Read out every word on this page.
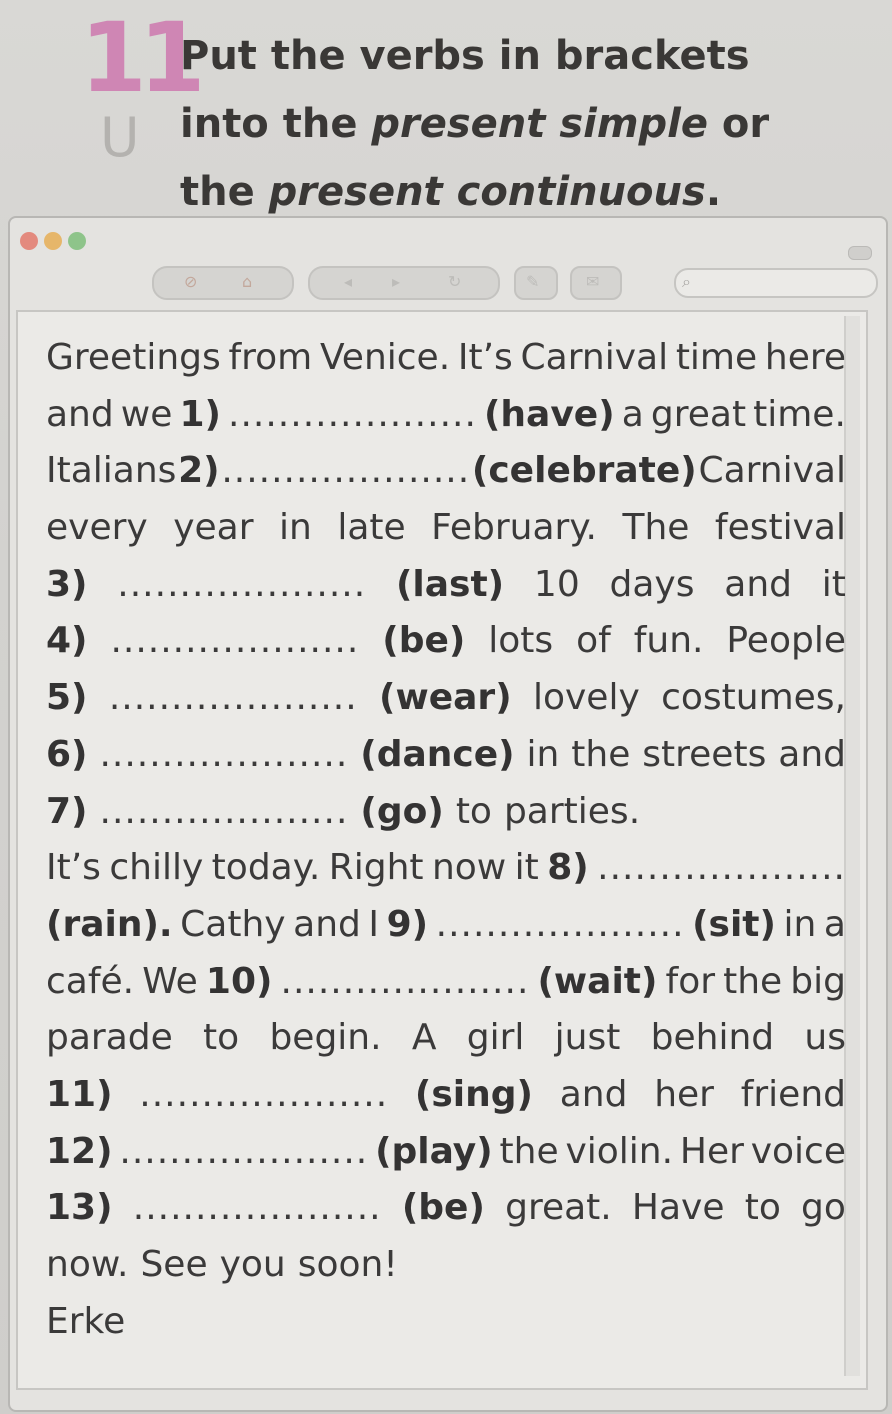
11
U
Put the verbs in brackets
into the present simple or
the present continuous.
⊘	⌂	◂ ▸	↻	✎	✉	⌕
Greetings from Venice. It’s Carnival time here
and we 1) .................... (have) a great time.
Italians 2) .................... (celebrate) Carnival
every year in late February. The festival
3) .................... (last) 10 days and it
4) .................... (be) lots of fun. People
5) .................... (wear) lovely costumes,
6) .................... (dance) in the streets and
7) .................... (go) to parties.
It’s chilly today. Right now it 8) ....................
(rain). Cathy and I 9) .................... (sit) in a
café. We 10) .................... (wait) for the big
parade to begin. A girl just behind us
11) .................... (sing) and her friend
12) .................... (play) the violin. Her voice
13) .................... (be) great. Have to go
now. See you soon!
Erke
